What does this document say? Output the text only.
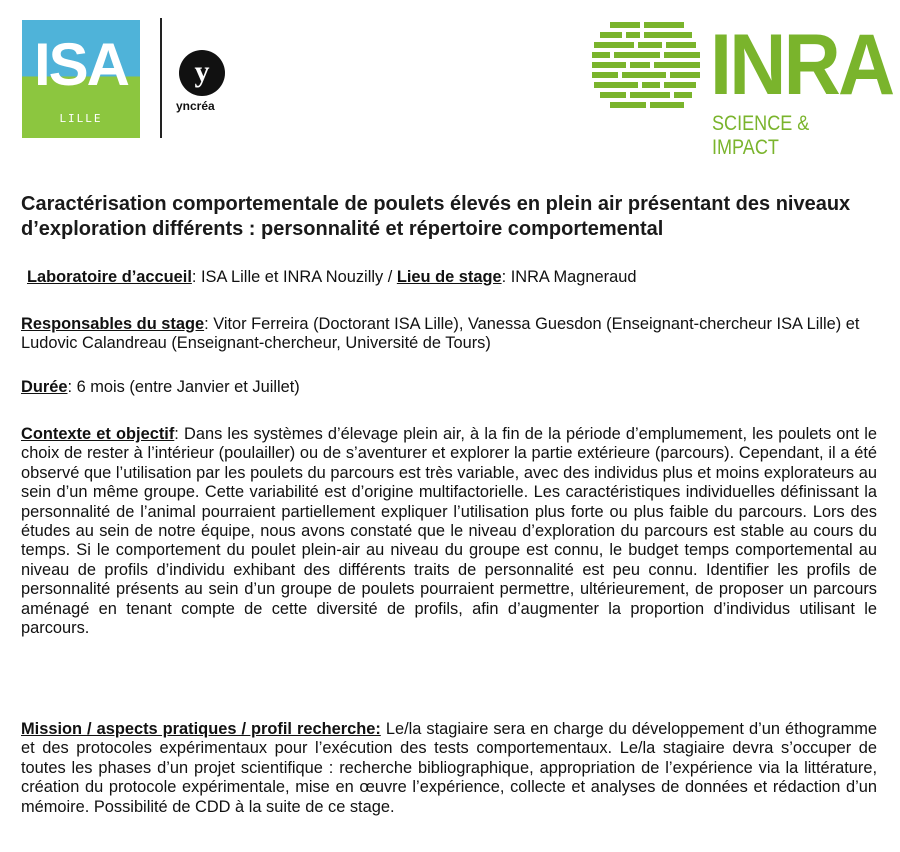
ISA
LILLE
y
yncréa	INRA
SCIENCE & IMPACT
Caractérisation comportementale de poulets élevés en plein air présentant des niveaux d’exploration différents : personnalité et répertoire comportemental
Laboratoire d’accueil: ISA Lille et INRA Nouzilly / Lieu de stage: INRA Magneraud
Responsables du stage: Vitor Ferreira (Doctorant ISA Lille), Vanessa Guesdon (Enseignant-chercheur ISA Lille) et Ludovic Calandreau (Enseignant-chercheur, Université de Tours)
Durée: 6 mois (entre Janvier et Juillet)
Contexte et objectif: Dans les systèmes d’élevage plein air, à la fin de la période d’emplumement, les poulets ont le choix de rester à l’intérieur (poulailler) ou de s’aventurer et explorer la partie extérieure (parcours). Cependant, il a été observé que l’utilisation par les poulets du parcours est très variable, avec des individus plus et moins explorateurs au sein d’un même groupe. Cette variabilité est d’origine multifactorielle. Les caractéristiques individuelles définissant la personnalité de l’animal pourraient partiellement expliquer l’utilisation plus forte ou plus faible du parcours. Lors des études au sein de notre équipe, nous avons constaté que le niveau d’exploration du parcours est stable au cours du temps. Si le comportement du poulet plein-air au niveau du groupe est connu, le budget temps comportemental au niveau de profils d’individu exhibant des différents traits de personnalité est peu connu. Identifier les profils de personnalité présents au sein d’un groupe de poulets pourraient permettre, ultérieurement, de proposer un parcours aménagé en tenant compte de cette diversité de profils, afin d’augmenter la proportion d’individus utilisant le parcours.
Mission / aspects pratiques / profil recherche: Le/la stagiaire sera en charge du développement d’un éthogramme et des protocoles expérimentaux pour l’exécution des tests comportementaux. Le/la stagiaire devra s’occuper de toutes les phases d’un projet scientifique : recherche bibliographique, appropriation de l’expérience via la littérature, création du protocole expérimentale, mise en œuvre l’expérience, collecte et analyses de données et rédaction d’un mémoire. Possibilité de CDD à la suite de ce stage.
